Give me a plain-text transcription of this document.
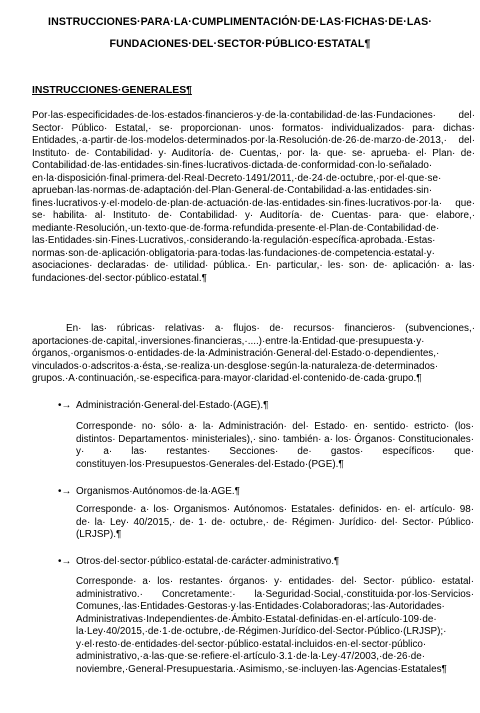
INSTRUCCIONES·PARA·LA·CUMPLIMENTACIÓN·DE·LAS·FICHAS·DE·LAS·
FUNDACIONES·DEL·SECTOR·PÚBLICO·ESTATAL¶
INSTRUCCIONES·GENERALES¶
Por·las·especificidades·de·los·estados·financieros·y·de·la·contabilidad·de·las·Fundaciones· del· Sector· Público· Estatal,· se· proporcionan· unos· formatos· individualizados· para· dichas· Entidades,·a·partir·de·los·modelos·determinados·por·la·Resolución·de·26·de·marzo·de·2013,· del· Instituto· de· Contabilidad· y· Auditoría· de· Cuentas,· por· la· que· se· aprueba· el· Plan· de· Contabilidad·de·las·entidades·sin·fines·lucrativos·dictada·de·conformidad·con·lo·señalado· en·la·disposición·final·primera·del·Real·Decreto·1491/2011,·de·24·de·octubre,·por·el·que·se· aprueban·las·normas·de·adaptación·del·Plan·General·de·Contabilidad·a·las·entidades·sin· fines·lucrativos·y·el·modelo·de·plan·de·actuación·de·las·entidades·sin·fines·lucrativos·por·la· que· se· habilita· al· Instituto· de· Contabilidad· y· Auditoría· de· Cuentas· para· que· elabore,· mediante·Resolución,·un·texto·que·de·forma·refundida·presente·el·Plan·de·Contabilidad·de· las·Entidades·sin·Fines·Lucrativos,·considerando·la·regulación·específica·aprobada.·Estas· normas·son·de·aplicación·obligatoria·para·todas·las·fundaciones·de·competencia·estatal·y· asociaciones· declaradas· de· utilidad· pública.· En· particular,· les· son· de· aplicación· a· las· fundaciones·del·sector·público·estatal.¶
En· las· rúbricas· relativas· a· flujos· de· recursos· financieros· (subvenciones,· aportaciones·de·capital,·inversiones·financieras,·....)·entre·la·Entidad·que·presupuesta·y· órganos,·organismos·o·entidades·de·la·Administración·General·del·Estado·o·dependientes,· vinculados·o·adscritos·a·ésta,·se·realiza·un·desglose·según·la·naturaleza·de·determinados· grupos.·A·continuación,·se·especifica·para·mayor·claridad·el·contenido·de·cada·grupo.¶
•→ Administración·General·del·Estado·(AGE).¶
Corresponde· no· sólo· a· la· Administración· del· Estado· en· sentido· estricto· (los· distintos· Departamentos· ministeriales),· sino· también· a· los· Órganos· Constitucionales· y· a· las· restantes· Secciones· de· gastos· específicos· que· constituyen·los·Presupuestos·Generales·del·Estado·(PGE).¶
•→ Organismos·Autónomos·de·la·AGE.¶
Corresponde· a· los· Organismos· Autónomos· Estatales· definidos· en· el· artículo· 98· de· la· Ley· 40/2015,· de· 1· de· octubre,· de· Régimen· Jurídico· del· Sector· Público· (LRJSP).¶
•→ Otros·del·sector·público·estatal·de·carácter·administrativo.¶
Corresponde· a· los· restantes· órganos· y· entidades· del· Sector· público· estatal· administrativo.· Concretamente:· la·Seguridad·Social,·constituida·por·los·Servicios· Comunes,·las·Entidades·Gestoras·y·las·Entidades·Colaboradoras;·las·Autoridades· Administrativas·Independientes·de·Ámbito·Estatal·definidas·en·el·artículo·109·de· la·Ley·40/2015,·de·1·de·octubre,·de·Régimen·Jurídico·del·Sector·Público·(LRJSP);· y·el·resto·de·entidades·del·sector·público·estatal·incluidos·en·el·sector·público· administrativo,·a·las·que·se·refiere·el·artículo·3.1·de·la·Ley·47/2003,·de·26·de· noviembre,·General·Presupuestaria.·Asimismo,·se·incluyen·las·Agencias·Estatales¶
